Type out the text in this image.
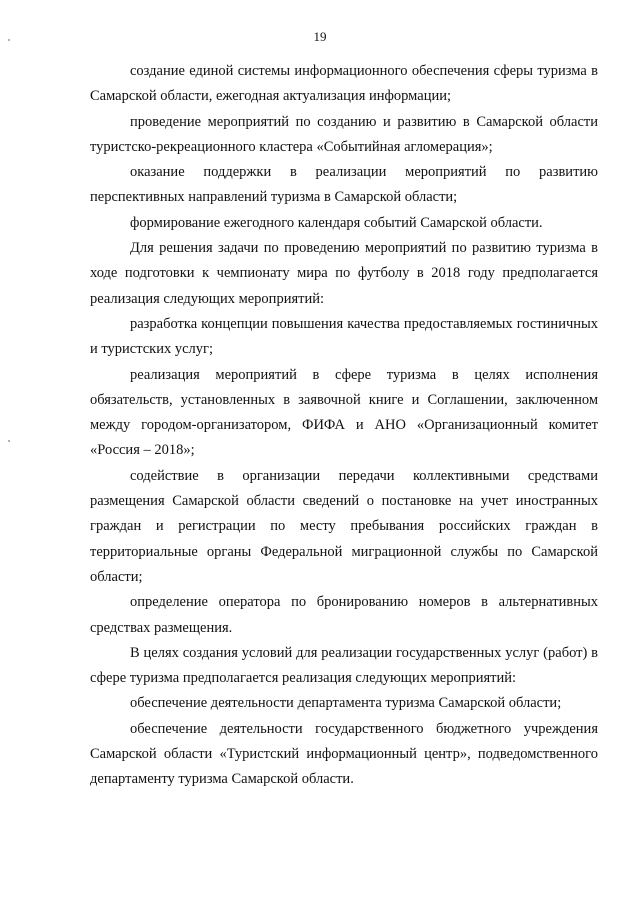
19

создание единой системы информационного обеспечения сферы туризма в Самарской области, ежегодная актуализация информации;

проведение мероприятий по созданию и развитию в Самарской области туристско-рекреационного кластера «Событийная агломерация»;

оказание поддержки в реализации мероприятий по развитию перспективных направлений туризма в Самарской области;

формирование ежегодного календаря событий Самарской области.

Для решения задачи по проведению мероприятий по развитию туризма в ходе подготовки к чемпионату мира по футболу в 2018 году предполагается реализация следующих мероприятий:

разработка концепции повышения качества предоставляемых гостиничных и туристских услуг;

реализация мероприятий в сфере туризма в целях исполнения обязательств, установленных в заявочной книге и Соглашении, заключенном между городом-организатором, ФИФА и АНО «Организационный комитет «Россия – 2018»;

содействие в организации передачи коллективными средствами размещения Самарской области сведений о постановке на учет иностранных граждан и регистрации по месту пребывания российских граждан в территориальные органы Федеральной миграционной службы по Самарской области;

определение оператора по бронированию номеров в альтернативных средствах размещения.

В целях создания условий для реализации государственных услуг (работ) в сфере туризма предполагается реализация следующих мероприятий:

обеспечение деятельности департамента туризма Самарской области;

обеспечение деятельности государственного бюджетного учреждения Самарской области «Туристский информационный центр», подведомственного департаменту туризма Самарской области.
